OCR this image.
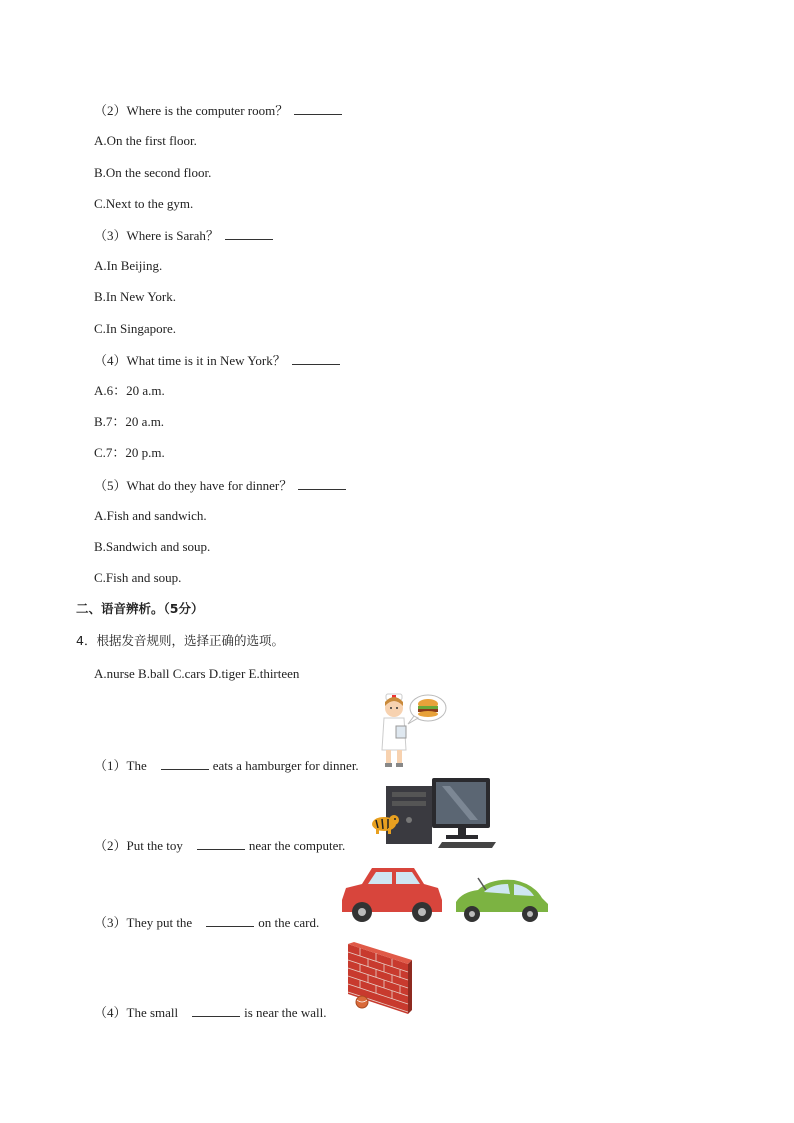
（2）Where is the computer room？
A.On the first floor.
B.On the second floor.
C.Next to the gym.
（3）Where is Sarah？
A.In Beijing.
B.In New York.
C.In Singapore.
（4）What time is it in New York？
A.6：20 a.m.
B.7：20 a.m.
C.7：20 p.m.
（5）What do they have for dinner？
A.Fish and sandwich.
B.Sandwich and soup.
C.Fish and soup.
二、语音辨析。（5分）
4．根据发音规则，选择正确的选项。
A.nurse B.ball C.cars D.tiger E.thirteen
（1）The	eats a hamburger for dinner.
（2）Put the toy	near the computer.
（3）They put the	on the card.
（4）The small	is near the wall.
